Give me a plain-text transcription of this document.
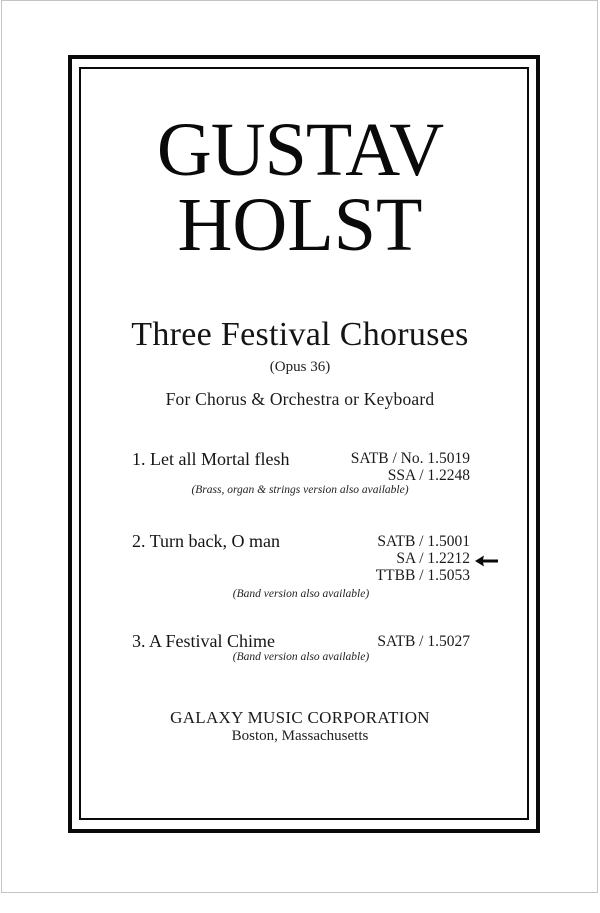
GUSTAV
HOLST
Three Festival Choruses
(Opus 36)
For Chorus & Orchestra or Keyboard
1. Let all Mortal flesh	SATB / No. 1.5019
SSA / 1.2248
(Brass, organ & strings version also available)
2. Turn back, O man	SATB / 1.5001
SA / 1.2212
TTBB / 1.5053
(Band version also available)
3. A Festival Chime	SATB / 1.5027
(Band version also available)
GALAXY MUSIC CORPORATION
Boston, Massachusetts
